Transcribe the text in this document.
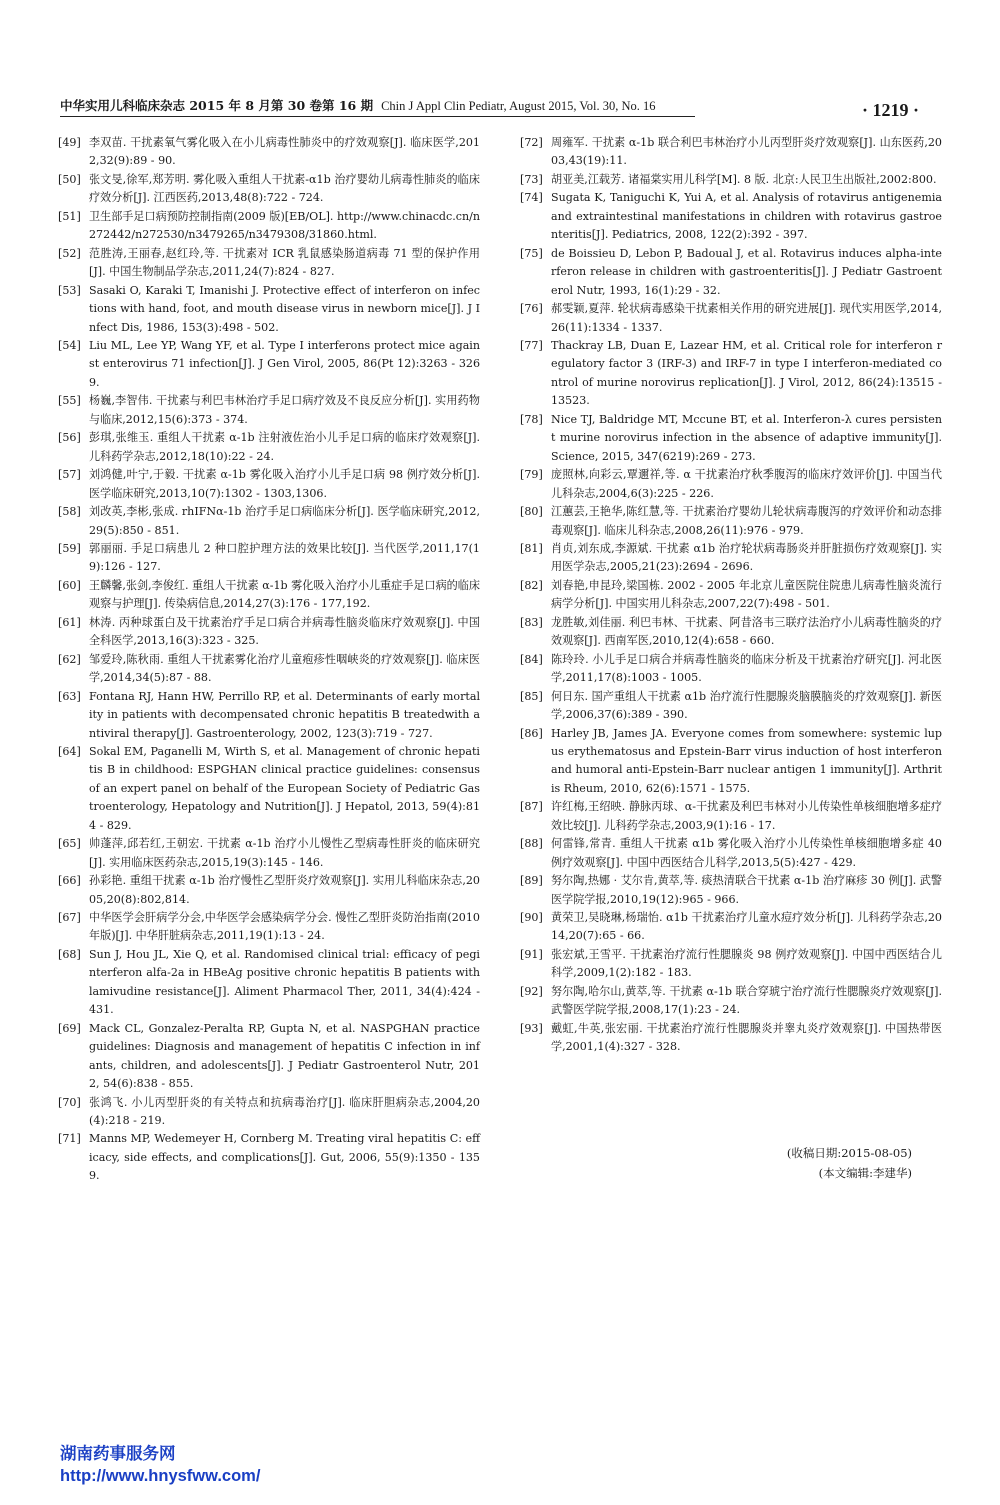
中华实用儿科临床杂志 2015 年 8 月第 30 卷第 16 期 Chin J Appl Clin Pediatr, August 2015, Vol. 30, No. 16	· 1219 ·
[49] 李双苗. 干扰素氧气雾化吸入在小儿病毒性肺炎中的疗效观察[J]. 临床医学,2012,32(9):89 - 90.
[50] 张文旻,徐军,郑芳明. 雾化吸入重组人干扰素-α1b 治疗婴幼儿病毒性肺炎的临床疗效分析[J]. 江西医药,2013,48(8):722 - 724.
[51] 卫生部手足口病预防控制指南(2009 版)[EB/OL]. http://www.chinacdc.cn/n272442/n272530/n3479265/n3479308/31860.html.
[52] 范胜涛,王丽春,赵红玲,等. 干扰素对 ICR 乳鼠感染肠道病毒 71 型的保护作用[J]. 中国生物制品学杂志,2011,24(7):824 - 827.
[53] Sasaki O, Karaki T, Imanishi J. Protective effect of interferon on infections with hand, foot, and mouth disease virus in newborn mice[J]. J Infect Dis, 1986, 153(3):498 - 502.
[54] Liu ML, Lee YP, Wang YF, et al. Type I interferons protect mice against enterovirus 71 infection[J]. J Gen Virol, 2005, 86(Pt 12):3263 - 3269.
[55] 杨巍,李智伟. 干扰素与利巴韦林治疗手足口病疗效及不良反应分析[J]. 实用药物与临床,2012,15(6):373 - 374.
[56] 彭琪,张维玉. 重组人干扰素 α-1b 注射液佐治小儿手足口病的临床疗效观察[J]. 儿科药学杂志,2012,18(10):22 - 24.
[57] 刘鸿健,叶宁,于毅. 干扰素 α-1b 雾化吸入治疗小儿手足口病 98 例疗效分析[J]. 医学临床研究,2013,10(7):1302 - 1303,1306.
[58] 刘改英,李彬,张成. rhIFNα-1b 治疗手足口病临床分析[J]. 医学临床研究,2012,29(5):850 - 851.
[59] 郭丽丽. 手足口病患儿 2 种口腔护理方法的效果比较[J]. 当代医学,2011,17(19):126 - 127.
[60] 王麟馨,张剑,李俊红. 重组人干扰素 α-1b 雾化吸入治疗小儿重症手足口病的临床观察与护理[J]. 传染病信息,2014,27(3):176 - 177,192.
[61] 林涛. 丙种球蛋白及干扰素治疗手足口病合并病毒性脑炎临床疗效观察[J]. 中国全科医学,2013,16(3):323 - 325.
[62] 邹爱玲,陈秋雨. 重组人干扰素雾化治疗儿童疱疹性咽峡炎的疗效观察[J]. 临床医学,2014,34(5):87 - 88.
[63] Fontana RJ, Hann HW, Perrillo RP, et al. Determinants of early mortality in patients with decompensated chronic hepatitis B treatedwith antiviral therapy[J]. Gastroenterology, 2002, 123(3):719 - 727.
[64] Sokal EM, Paganelli M, Wirth S, et al. Management of chronic hepatitis B in childhood: ESPGHAN clinical practice guidelines: consensus of an expert panel on behalf of the European Society of Pediatric Gastroenterology, Hepatology and Nutrition[J]. J Hepatol, 2013, 59(4):814 - 829.
[65] 帅蓬萍,邱若红,王朝宏. 干扰素 α-1b 治疗小儿慢性乙型病毒性肝炎的临床研究[J]. 实用临床医药杂志,2015,19(3):145 - 146.
[66] 孙彩艳. 重组干扰素 α-1b 治疗慢性乙型肝炎疗效观察[J]. 实用儿科临床杂志,2005,20(8):802,814.
[67] 中华医学会肝病学分会,中华医学会感染病学分会. 慢性乙型肝炎防治指南(2010 年版)[J]. 中华肝脏病杂志,2011,19(1):13 - 24.
[68] Sun J, Hou JL, Xie Q, et al. Randomised clinical trial: efficacy of peginterferon alfa-2a in HBeAg positive chronic hepatitis B patients with lamivudine resistance[J]. Aliment Pharmacol Ther, 2011, 34(4):424 - 431.
[69] Mack CL, Gonzalez-Peralta RP, Gupta N, et al. NASPGHAN practice guidelines: Diagnosis and management of hepatitis C infection in infants, children, and adolescents[J]. J Pediatr Gastroenterol Nutr, 2012, 54(6):838 - 855.
[70] 张鸿飞. 小儿丙型肝炎的有关特点和抗病毒治疗[J]. 临床肝胆病杂志,2004,20(4):218 - 219.
[71] Manns MP, Wedemeyer H, Cornberg M. Treating viral hepatitis C: efficacy, side effects, and complications[J]. Gut, 2006, 55(9):1350 - 1359.
[72] 周雍军. 干扰素 α-1b 联合利巴韦林治疗小儿丙型肝炎疗效观察[J]. 山东医药,2003,43(19):11.
[73] 胡亚美,江载芳. 诸福棠实用儿科学[M]. 8 版. 北京:人民卫生出版社,2002:800.
[74] Sugata K, Taniguchi K, Yui A, et al. Analysis of rotavirus antigenemia and extraintestinal manifestations in children with rotavirus gastroenteritis[J]. Pediatrics, 2008, 122(2):392 - 397.
[75] de Boissieu D, Lebon P, Badoual J, et al. Rotavirus induces alpha-interferon release in children with gastroenteritis[J]. J Pediatr Gastroenterol Nutr, 1993, 16(1):29 - 32.
[76] 郝雯颖,夏萍. 轮状病毒感染干扰素相关作用的研究进展[J]. 现代实用医学,2014,26(11):1334 - 1337.
[77] Thackray LB, Duan E, Lazear HM, et al. Critical role for interferon regulatory factor 3 (IRF-3) and IRF-7 in type I interferon-mediated control of murine norovirus replication[J]. J Virol, 2012, 86(24):13515 - 13523.
[78] Nice TJ, Baldridge MT, Mccune BT, et al. Interferon-λ cures persistent murine norovirus infection in the absence of adaptive immunity[J]. Science, 2015, 347(6219):269 - 273.
[79] 庞照林,向彩云,覃邇祥,等. α 干扰素治疗秋季腹泻的临床疗效评价[J]. 中国当代儿科杂志,2004,6(3):225 - 226.
[80] 江蕙芸,王艳华,陈红慧,等. 干扰素治疗婴幼儿轮状病毒腹泻的疗效评价和动态排毒观察[J]. 临床儿科杂志,2008,26(11):976 - 979.
[81] 肖贞,刘东成,李源斌. 干扰素 α1b 治疗轮状病毒肠炎并肝脏损伤疗效观察[J]. 实用医学杂志,2005,21(23):2694 - 2696.
[82] 刘春艳,申昆玲,梁国栋. 2002 - 2005 年北京儿童医院住院患儿病毒性脑炎流行病学分析[J]. 中国实用儿科杂志,2007,22(7):498 - 501.
[83] 龙胜敏,刘佳丽. 利巴韦林、干扰素、阿昔洛韦三联疗法治疗小儿病毒性脑炎的疗效观察[J]. 西南军医,2010,12(4):658 - 660.
[84] 陈玲玲. 小儿手足口病合并病毒性脑炎的临床分析及干扰素治疗研究[J]. 河北医学,2011,17(8):1003 - 1005.
[85] 何日东. 国产重组人干扰素 α1b 治疗流行性腮腺炎脑膜脑炎的疗效观察[J]. 新医学,2006,37(6):389 - 390.
[86] Harley JB, James JA. Everyone comes from somewhere: systemic lupus erythematosus and Epstein-Barr virus induction of host interferon and humoral anti-Epstein-Barr nuclear antigen 1 immunity[J]. Arthritis Rheum, 2010, 62(6):1571 - 1575.
[87] 许红梅,王绍映. 静脉丙球、α-干扰素及利巴韦林对小儿传染性单核细胞增多症疗效比较[J]. 儿科药学杂志,2003,9(1):16 - 17.
[88] 何雷锋,常青. 重组人干扰素 α1b 雾化吸入治疗小儿传染性单核细胞增多症 40 例疗效观察[J]. 中国中西医结合儿科学,2013,5(5):427 - 429.
[89] 努尔陶,热娜 · 艾尔肯,黄萃,等. 痰热清联合干扰素 α-1b 治疗麻疹 30 例[J]. 武警医学院学报,2010,19(12):965 - 966.
[90] 黄荣卫,吴晓琳,杨瑞怡. α1b 干扰素治疗儿童水痘疗效分析[J]. 儿科药学杂志,2014,20(7):65 - 66.
[91] 张宏斌,王雪平. 干扰素治疗流行性腮腺炎 98 例疗效观察[J]. 中国中西医结合儿科学,2009,1(2):182 - 183.
[92] 努尔陶,哈尔山,黄萃,等. 干扰素 α-1b 联合穿琥宁治疗流行性腮腺炎疗效观察[J]. 武警医学院学报,2008,17(1):23 - 24.
[93] 戴虹,牛英,张宏丽. 干扰素治疗流行性腮腺炎并睾丸炎疗效观察[J]. 中国热带医学,2001,1(4):327 - 328.
(收稿日期:2015-08-05)
(本文编辑:李建华)
湖南药事服务网
http://www.hnysfww.com/
